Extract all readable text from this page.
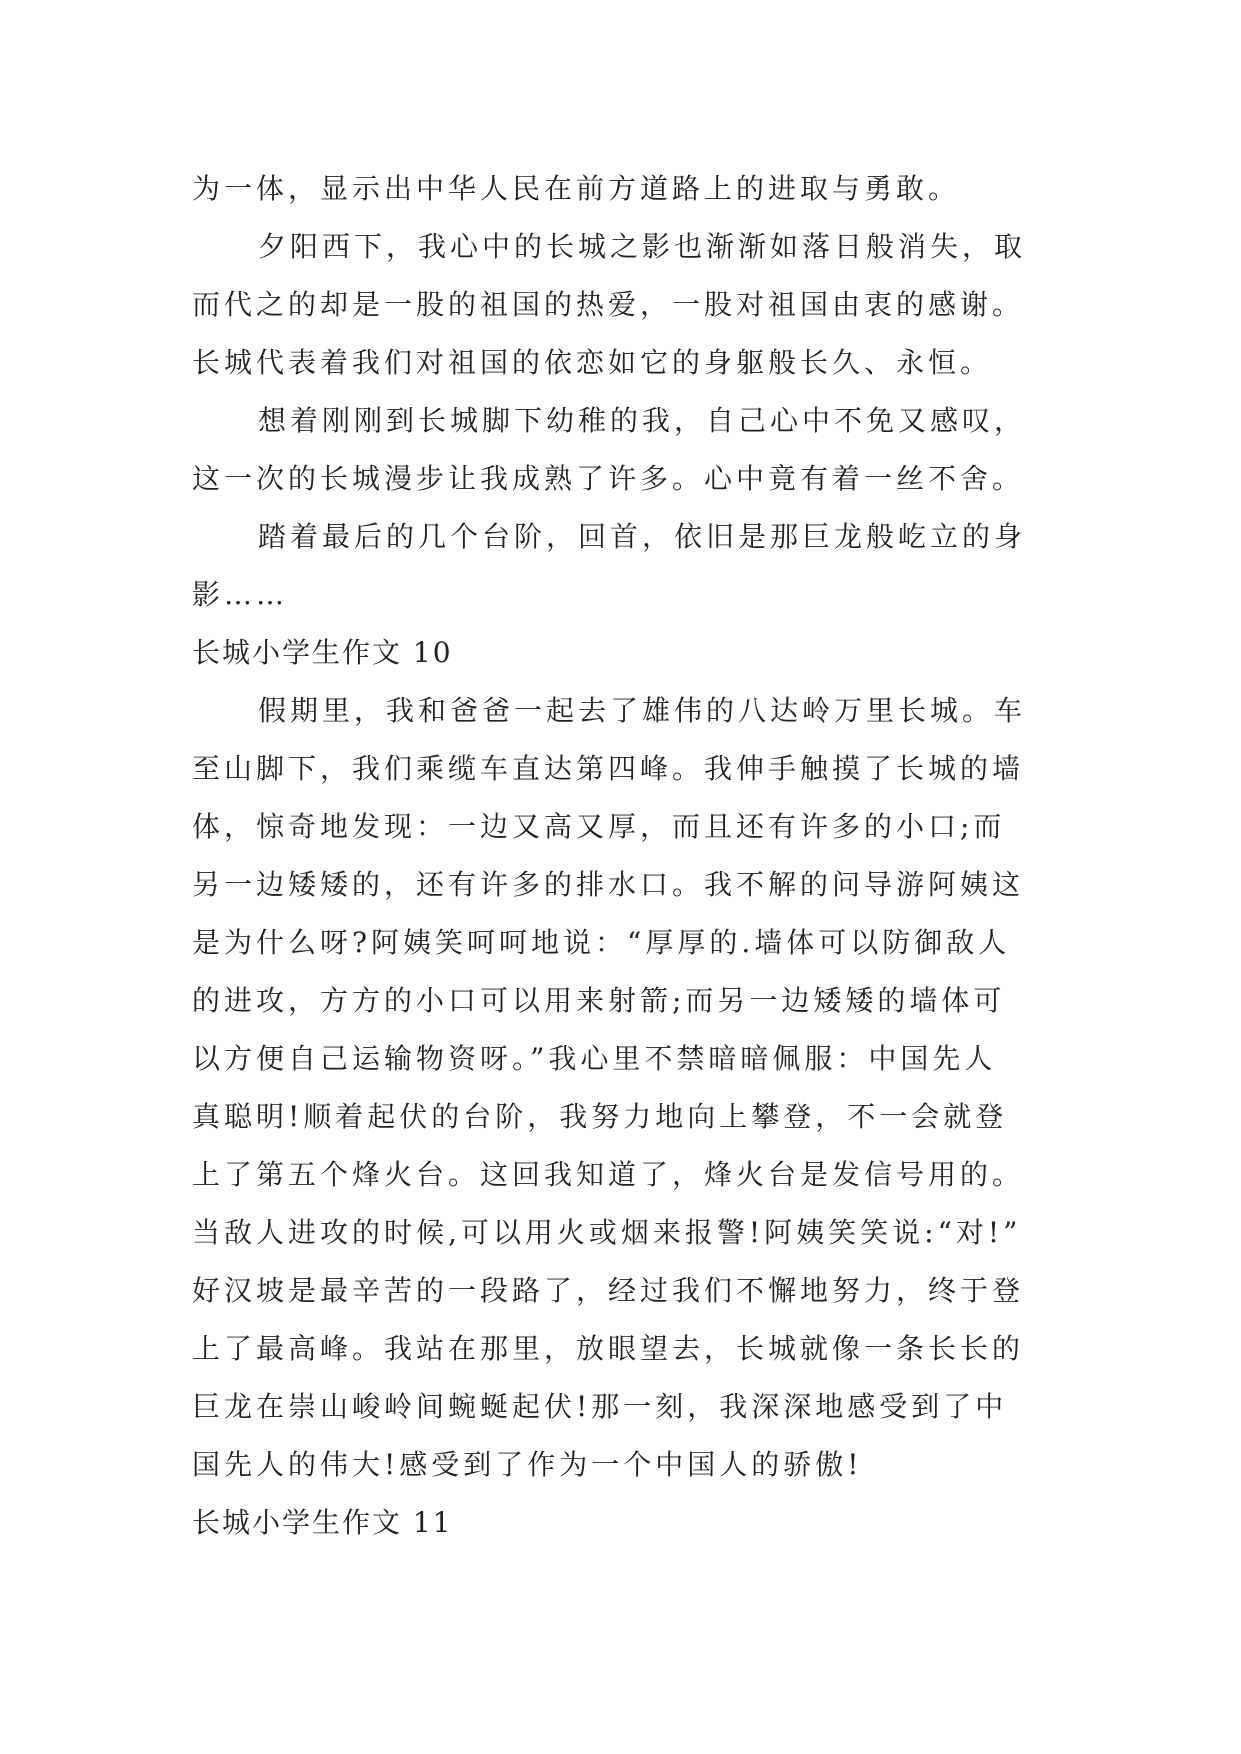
为一体，显示出中华人民在前方道路上的进取与勇敢。
夕阳西下，我心中的长城之影也渐渐如落日般消失，取
而代之的却是一股的祖国的热爱，一股对祖国由衷的感谢。
长城代表着我们对祖国的依恋如它的身躯般长久、永恒。
想着刚刚到长城脚下幼稚的我，自己心中不免又感叹，
这一次的长城漫步让我成熟了许多。心中竟有着一丝不舍。
踏着最后的几个台阶，回首，依旧是那巨龙般屹立的身
影……
长城小学生作文 10
假期里，我和爸爸一起去了雄伟的八达岭万里长城。车
至山脚下，我们乘缆车直达第四峰。我伸手触摸了长城的墙
体，惊奇地发现：一边又高又厚，而且还有许多的小口;而
另一边矮矮的，还有许多的排水口。我不解的问导游阿姨这
是为什么呀?阿姨笑呵呵地说：“厚厚的.墙体可以防御敌人
的进攻，方方的小口可以用来射箭;而另一边矮矮的墙体可
以方便自己运输物资呀。”我心里不禁暗暗佩服：中国先人
真聪明!顺着起伏的台阶，我努力地向上攀登，不一会就登
上了第五个烽火台。这回我知道了，烽火台是发信号用的。
当敌人进攻的时候,可以用火或烟来报警!阿姨笑笑说:“对!”
好汉坡是最辛苦的一段路了，经过我们不懈地努力，终于登
上了最高峰。我站在那里，放眼望去，长城就像一条长长的
巨龙在崇山峻岭间蜿蜒起伏!那一刻，我深深地感受到了中
国先人的伟大!感受到了作为一个中国人的骄傲!
长城小学生作文 11
